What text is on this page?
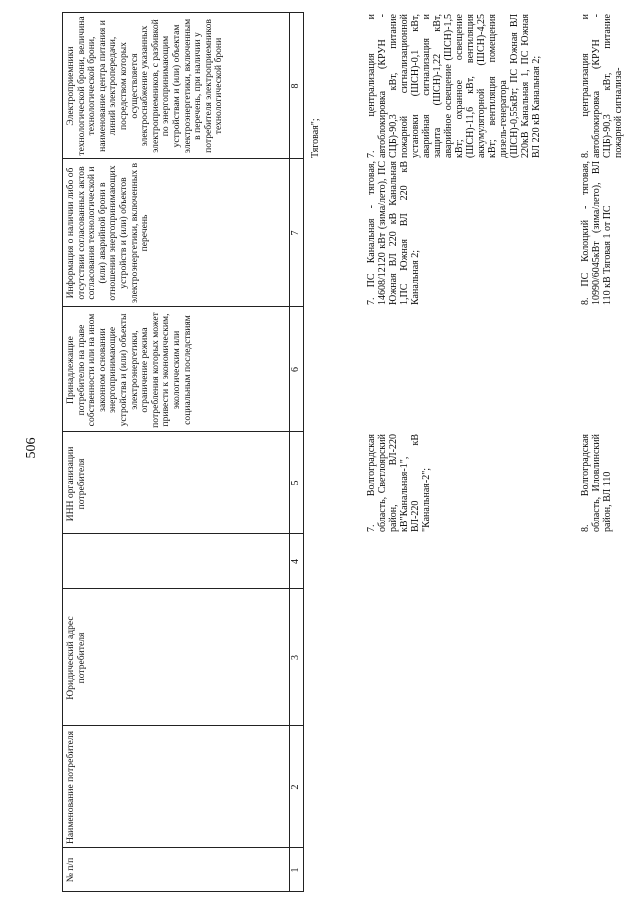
506
№ п/п
Наименование потребителя
Юридический адрес потребителя
ИНН организации потребителя
Принадлежащие потребителю на праве собственности или на ином законном основании энергопринимающие устройства и (или) объекты электроэнергетики, ограничение режима потребления которых может привести к экономическим, экологическим или социальным последствиям
Информация о наличии либо об отсутствии согласованных актов согласования технологической и (или) аварийной брони в отношении энергопринимающих устройств и (или) объектов электроэнергетики, включенных в перечень
Электроприемники технологической брони, величина технологической брони, наименование центра питания и линий электропередачи, посредством которых осуществляется электроснабжение указанных электроприемников, с разбивкой по энергопринимающим устройствам и (или) объектам электроэнергетики, включенным в перечень, при наличии у потребителя электроприемников технологической брони
1
2
3
4
5
6
7
8
Тяговая";
7. Волгоградская область, Светлоярский район, ВЛ-220 кВ"Канальная-1", ВЛ-220 кВ "Канальная-2";
7. ПС Канальная - тяговая, 14608/12120 кВт (зима/лето), ПС Южная ВЛ 220 кВ Канальная 1,ПС Южная ВЛ 220 кВ Канальная 2;
7. централизация и автоблокировка (КРУН - СЦБ)-90,3 кВт, питание пожарной сигнализационной установки (ШСН)-0,1 кВт, аварийная сигнализация и защита (ШСН)-1,22 кВт, аварийное освещение (ШСН)-1,5 кВт; охранное освещение (ШСН)-11,6 кВт, вентиляция аккумуляторной (ШСН)-4,25 кВт; вентиляция помещения дизель-генератора (ШСН)-0,55кВт; ПС Южная ВЛ 220кВ Канальная 1, ПС Южная ВЛ 220 кВ Канальная 2;
8. Волгоградская область, Иловлинский район, ВЛ 110
8. ПС Колоцкий - тяговая, 10990/6045кВт (зима/лето), ВЛ 110 кВ Тяговая 1 от ПС
8. централизация и автоблокировка (КРУН - СЦБ)-90,3 кВт, питание пожарной сигнализа-
